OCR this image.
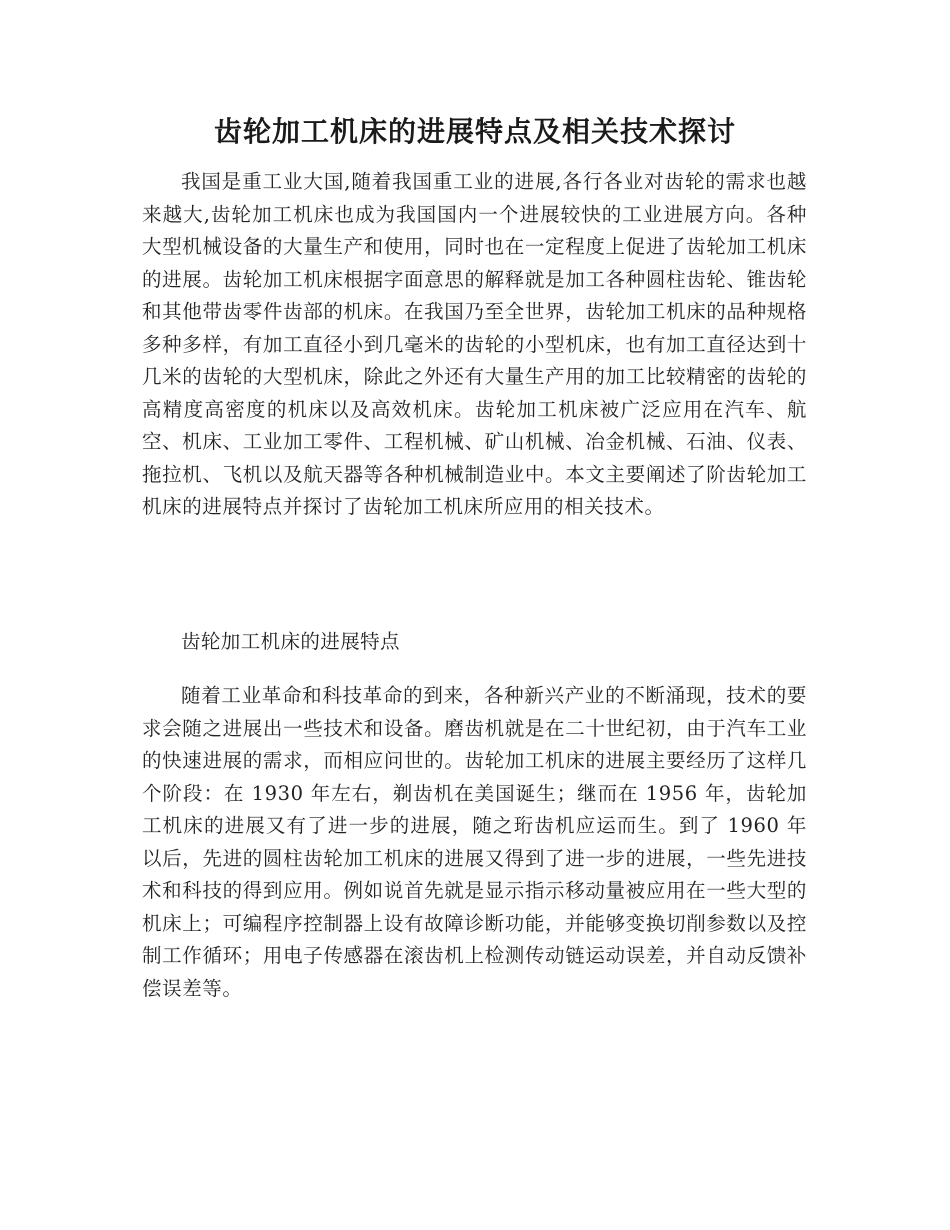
齿轮加工机床的进展特点及相关技术探讨

我国是重工业大国,随着我国重工业的进展,各行各业对齿轮的需求也越来越大,齿轮加工机床也成为我国国内一个进展较快的工业进展方向。各种大型机械设备的大量生产和使用，同时也在一定程度上促进了齿轮加工机床的进展。齿轮加工机床根据字面意思的解释就是加工各种圆柱齿轮、锥齿轮和其他带齿零件齿部的机床。在我国乃至全世界，齿轮加工机床的品种规格多种多样，有加工直径小到几毫米的齿轮的小型机床，也有加工直径达到十几米的齿轮的大型机床，除此之外还有大量生产用的加工比较精密的齿轮的高精度高密度的机床以及高效机床。齿轮加工机床被广泛应用在汽车、航空、机床、工业加工零件、工程机械、矿山机械、冶金机械、石油、仪表、拖拉机、飞机以及航天器等各种机械制造业中。本文主要阐述了阶齿轮加工机床的进展特点并探讨了齿轮加工机床所应用的相关技术。

齿轮加工机床的进展特点

随着工业革命和科技革命的到来，各种新兴产业的不断涌现，技术的要求会随之进展出一些技术和设备。磨齿机就是在二十世纪初，由于汽车工业的快速进展的需求，而相应问世的。齿轮加工机床的进展主要经历了这样几个阶段：在 1930 年左右，剃齿机在美国诞生；继而在 1956 年，齿轮加工机床的进展又有了进一步的进展，随之珩齿机应运而生。到了 1960 年以后，先进的圆柱齿轮加工机床的进展又得到了进一步的进展，一些先进技术和科技的得到应用。例如说首先就是显示指示移动量被应用在一些大型的机床上；可编程序控制器上设有故障诊断功能，并能够变换切削参数以及控制工作循环；用电子传感器在滚齿机上检测传动链运动误差，并自动反馈补偿误差等。
